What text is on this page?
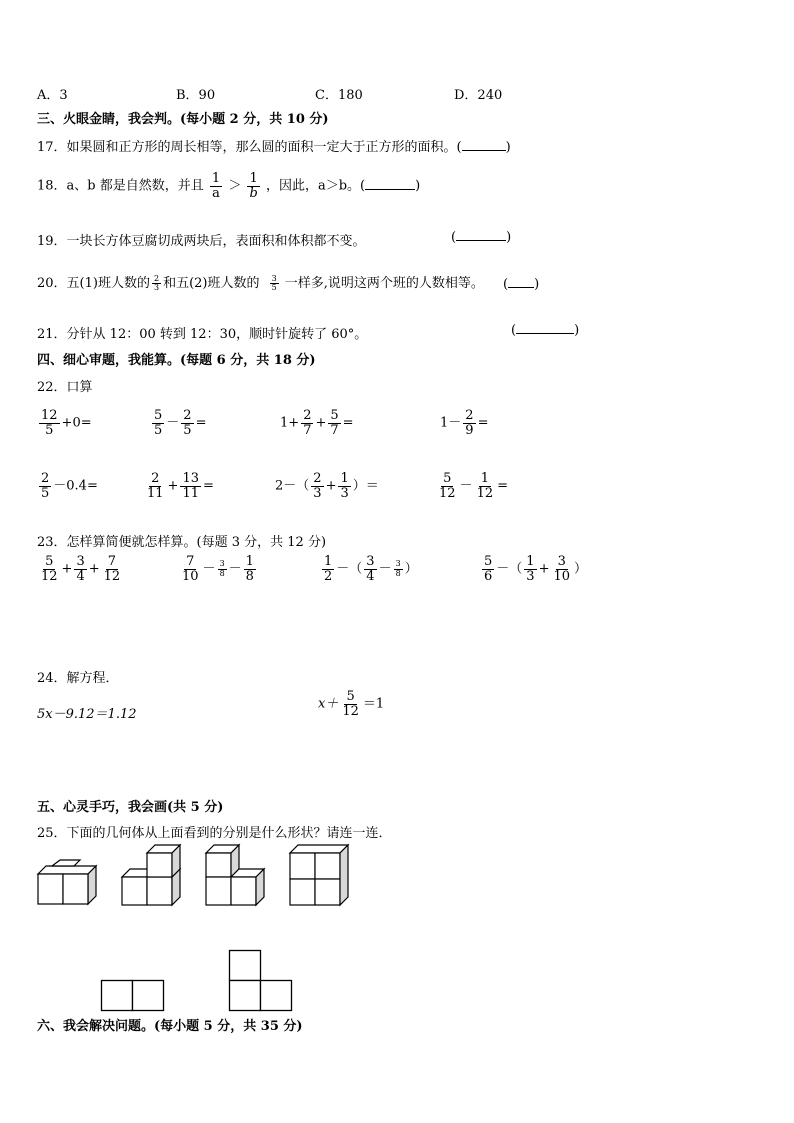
A．3	B．90	C．180	D．240
三、火眼金睛，我会判。(每小题 2 分，共 10 分)
17．如果圆和正方形的周长相等，那么圆的面积一定大于正方形的面积。(	)
18．a、b 都是自然数，并且 $\frac{1}{a} > \frac{1}{b}$ ，因此，a＞b。(	)
19．一块长方体豆腐切成两块后，表面积和体积都不变。	(	)
20．五(1)班人数的 $\frac{2}{3}$ 和五(2)班人数的 $\frac{3}{5}$ 一样多,说明这两个班的人数相等。 ( )
21．分针从 12：00 转到 12：30，顺时针旋转了 60°。	(	)
四、细心审题，我能算。(每题 6 分，共 18 分)
22．口算
$\frac{12}{5} +0=$	$\frac{5}{5} - \frac{2}{5}$ =	$1+ \frac{2}{7} + \frac{5}{7}$ =	$1- \frac{2}{9}$ =
$\frac{2}{5} -0.4=$	$\frac{2}{11} + \frac{13}{11}$ =	$2-( \frac{2}{3} + \frac{1}{3}$ ）＝	$\frac{5}{12} - \frac{1}{12}$ =
23．怎样算简便就怎样算。(每题 3 分，共 12 分)
$\frac{5}{12} + \frac{3}{4} + \frac{7}{12}$	$\frac{7}{10} - \frac{3}{8} - \frac{1}{8}$	$\frac{1}{2}$ －（ $\frac{3}{4} - \frac{3}{8}$ ）	$\frac{5}{6}$ －（ $\frac{1}{3} + \frac{3}{10}$ ）
24．解方程．
5x－9.12＝1.12
$x+ \frac{5}{12} =1$
五、心灵手巧，我会画(共 5 分)
25．下面的几何体从上面看到的分别是什么形状？请连一连．
六、我会解决问题。(每小题 5 分，共 35 分)
